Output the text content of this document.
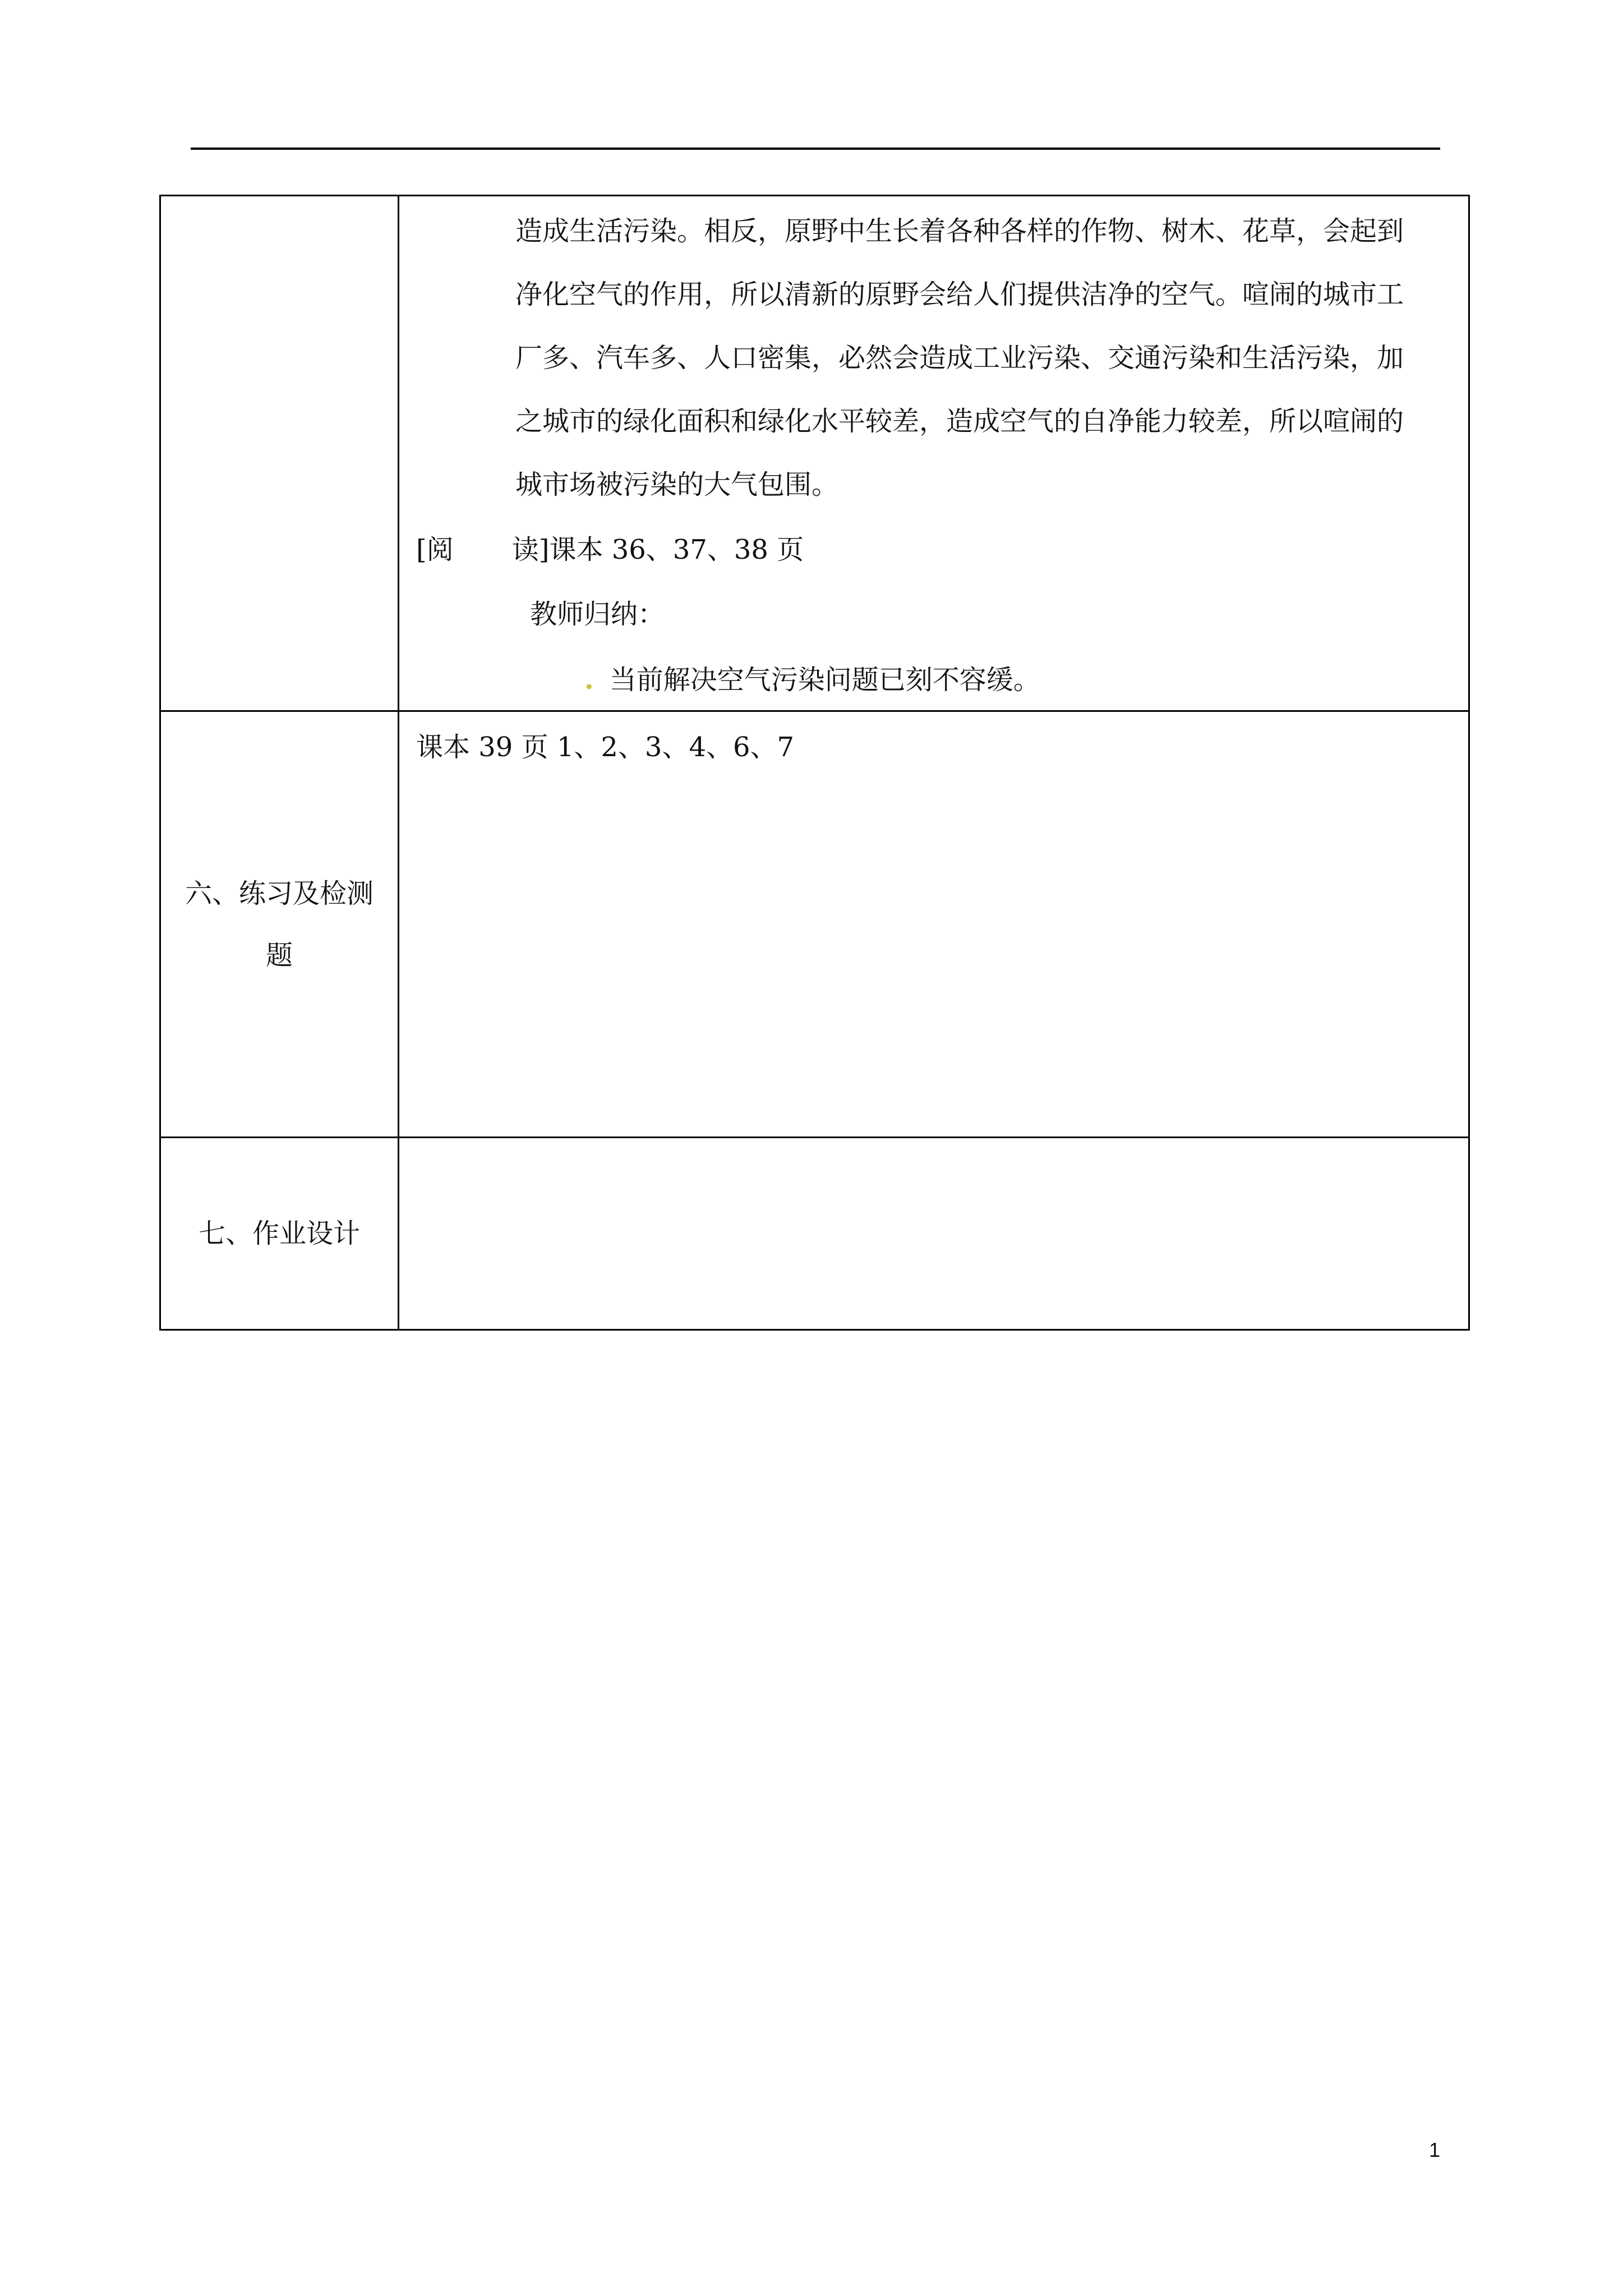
造成生活污染。相反，原野中生长着各种各样的作物、树木、花草，会起到
净化空气的作用，所以清新的原野会给人们提供洁净的空气。喧闹的城市工
厂多、汽车多、人口密集，必然会造成工业污染、交通污染和生活污染，加
之城市的绿化面积和绿化水平较差，造成空气的自净能力较差，所以喧闹的
城市场被污染的大气包围。
[阅 读]课本 36、37、38 页
教师归纳：
. 当前解决空气污染问题已刻不容缓。
六、练习及检测
题
课本 39 页 1、2、3、4、6、7
七、作业设计
1
